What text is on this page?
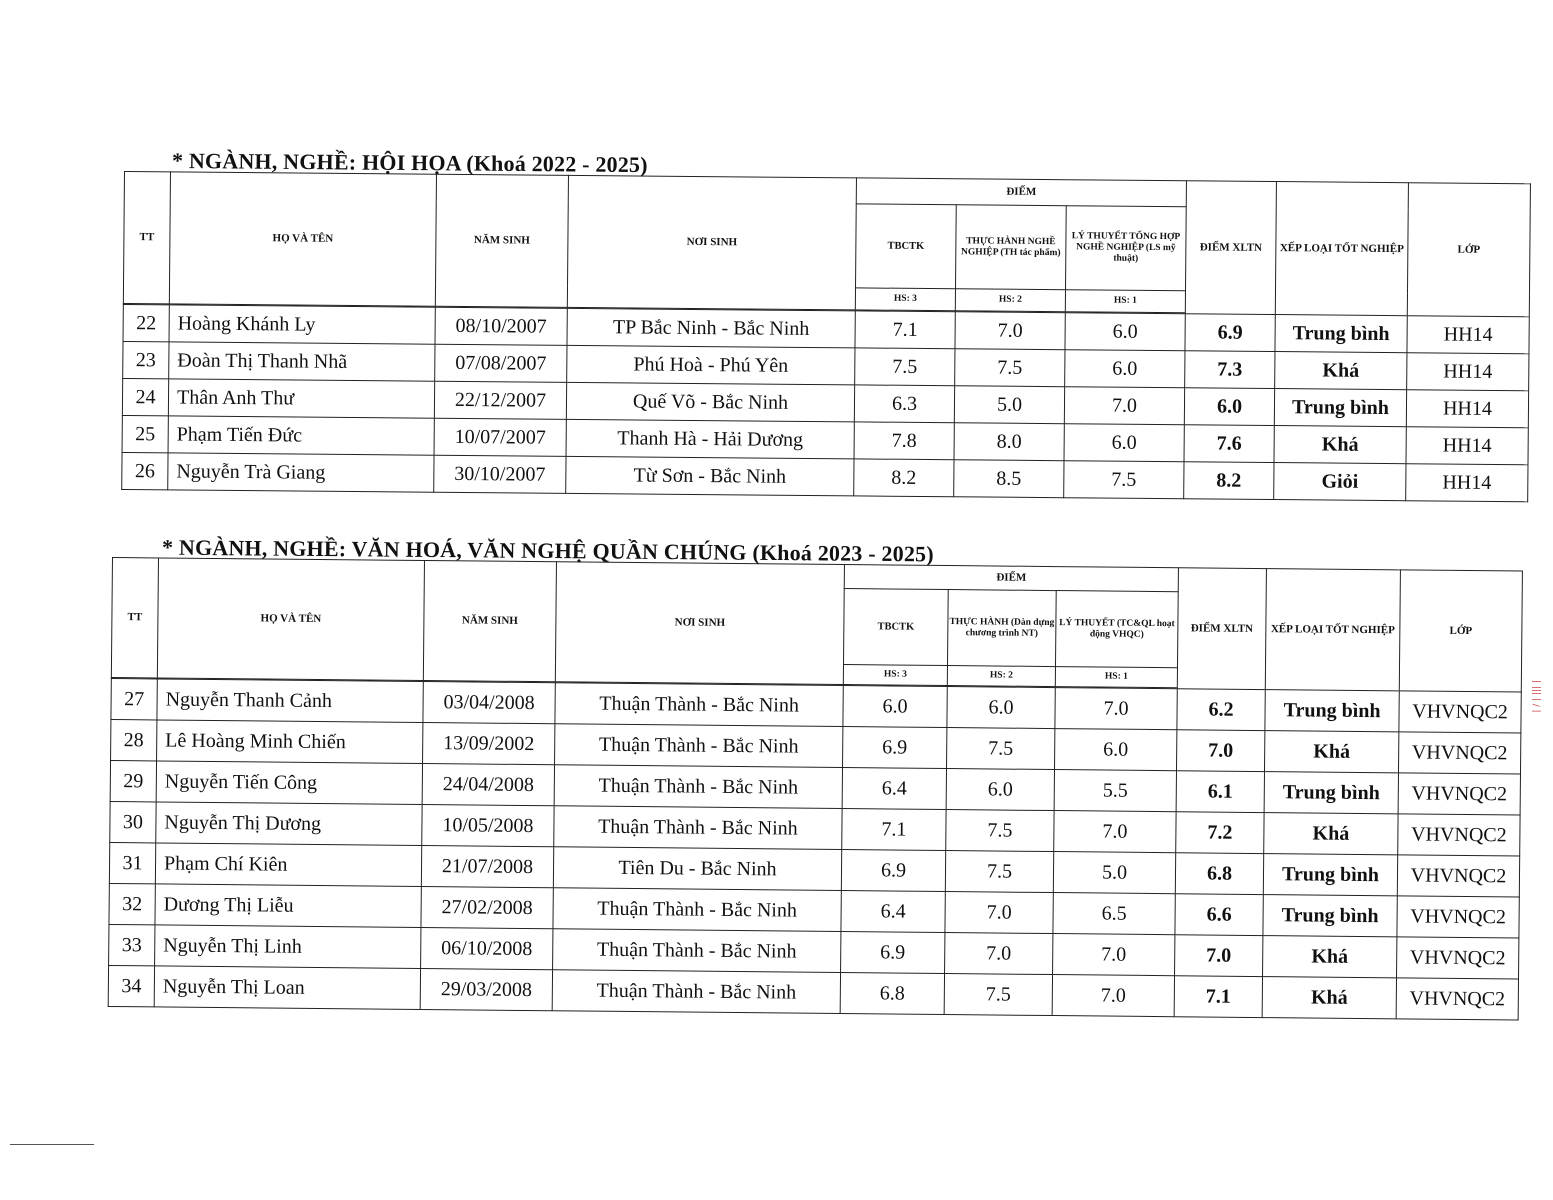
* NGÀNH, NGHỀ: HỘI HỌA (Khoá 2022 - 2025)
TT	HỌ VÀ TÊN	NĂM SINH	NƠI SINH	ĐIỂM			ĐIỂM XLTN	XẾP LOẠI TỐT NGHIỆP	LỚP
				TBCTK	THỰC HÀNH NGHỀ NGHIỆP (TH tác phẩm)	LÝ THUYẾT TỔNG HỢP NGHỀ NGHIỆP (LS mỹ thuật)			
				HS: 3	HS: 2	HS: 1			

22	Hoàng Khánh Ly	08/10/2007	TP Bắc Ninh - Bắc Ninh	7.1	7.0	6.0	6.9	Trung bình	HH14
23	Đoàn Thị Thanh Nhã	07/08/2007	Phú Hoà - Phú Yên	7.5	7.5	6.0	7.3	Khá	HH14
24	Thân Anh Thư	22/12/2007	Quế Võ - Bắc Ninh	6.3	5.0	7.0	6.0	Trung bình	HH14
25	Phạm Tiến Đức	10/07/2007	Thanh Hà - Hải Dương	7.8	8.0	6.0	7.6	Khá	HH14
26	Nguyễn Trà Giang	30/10/2007	Từ Sơn - Bắc Ninh	8.2	8.5	7.5	8.2	Giỏi	HH14
* NGÀNH, NGHỀ: VĂN HOÁ, VĂN NGHỆ QUẦN CHÚNG (Khoá 2023 - 2025)
TT	HỌ VÀ TÊN	NĂM SINH	NƠI SINH	ĐIỂM			ĐIỂM XLTN	XẾP LOẠI TỐT NGHIỆP	LỚP
				TBCTK	THỰC HÀNH (Dàn dựng chương trình NT)	LÝ THUYẾT (TC&QL hoạt động VHQC)			
				HS: 3	HS: 2	HS: 1			

27	Nguyễn Thanh Cảnh	03/04/2008	Thuận Thành - Bắc Ninh	6.0	6.0	7.0	6.2	Trung bình	VHVNQC2
28	Lê Hoàng Minh Chiến	13/09/2002	Thuận Thành - Bắc Ninh	6.9	7.5	6.0	7.0	Khá	VHVNQC2
29	Nguyễn Tiến Công	24/04/2008	Thuận Thành - Bắc Ninh	6.4	6.0	5.5	6.1	Trung bình	VHVNQC2
30	Nguyễn Thị Dương	10/05/2008	Thuận Thành - Bắc Ninh	7.1	7.5	7.0	7.2	Khá	VHVNQC2
31	Phạm Chí Kiên	21/07/2008	Tiên Du - Bắc Ninh	6.9	7.5	5.0	6.8	Trung bình	VHVNQC2
32	Dương Thị Liễu	27/02/2008	Thuận Thành - Bắc Ninh	6.4	7.0	6.5	6.6	Trung bình	VHVNQC2
33	Nguyễn Thị Linh	06/10/2008	Thuận Thành - Bắc Ninh	6.9	7.0	7.0	7.0	Khá	VHVNQC2
34	Nguyễn Thị Loan	29/03/2008	Thuận Thành - Bắc Ninh	6.8	7.5	7.0	7.1	Khá	VHVNQC2
| / | ||| |
